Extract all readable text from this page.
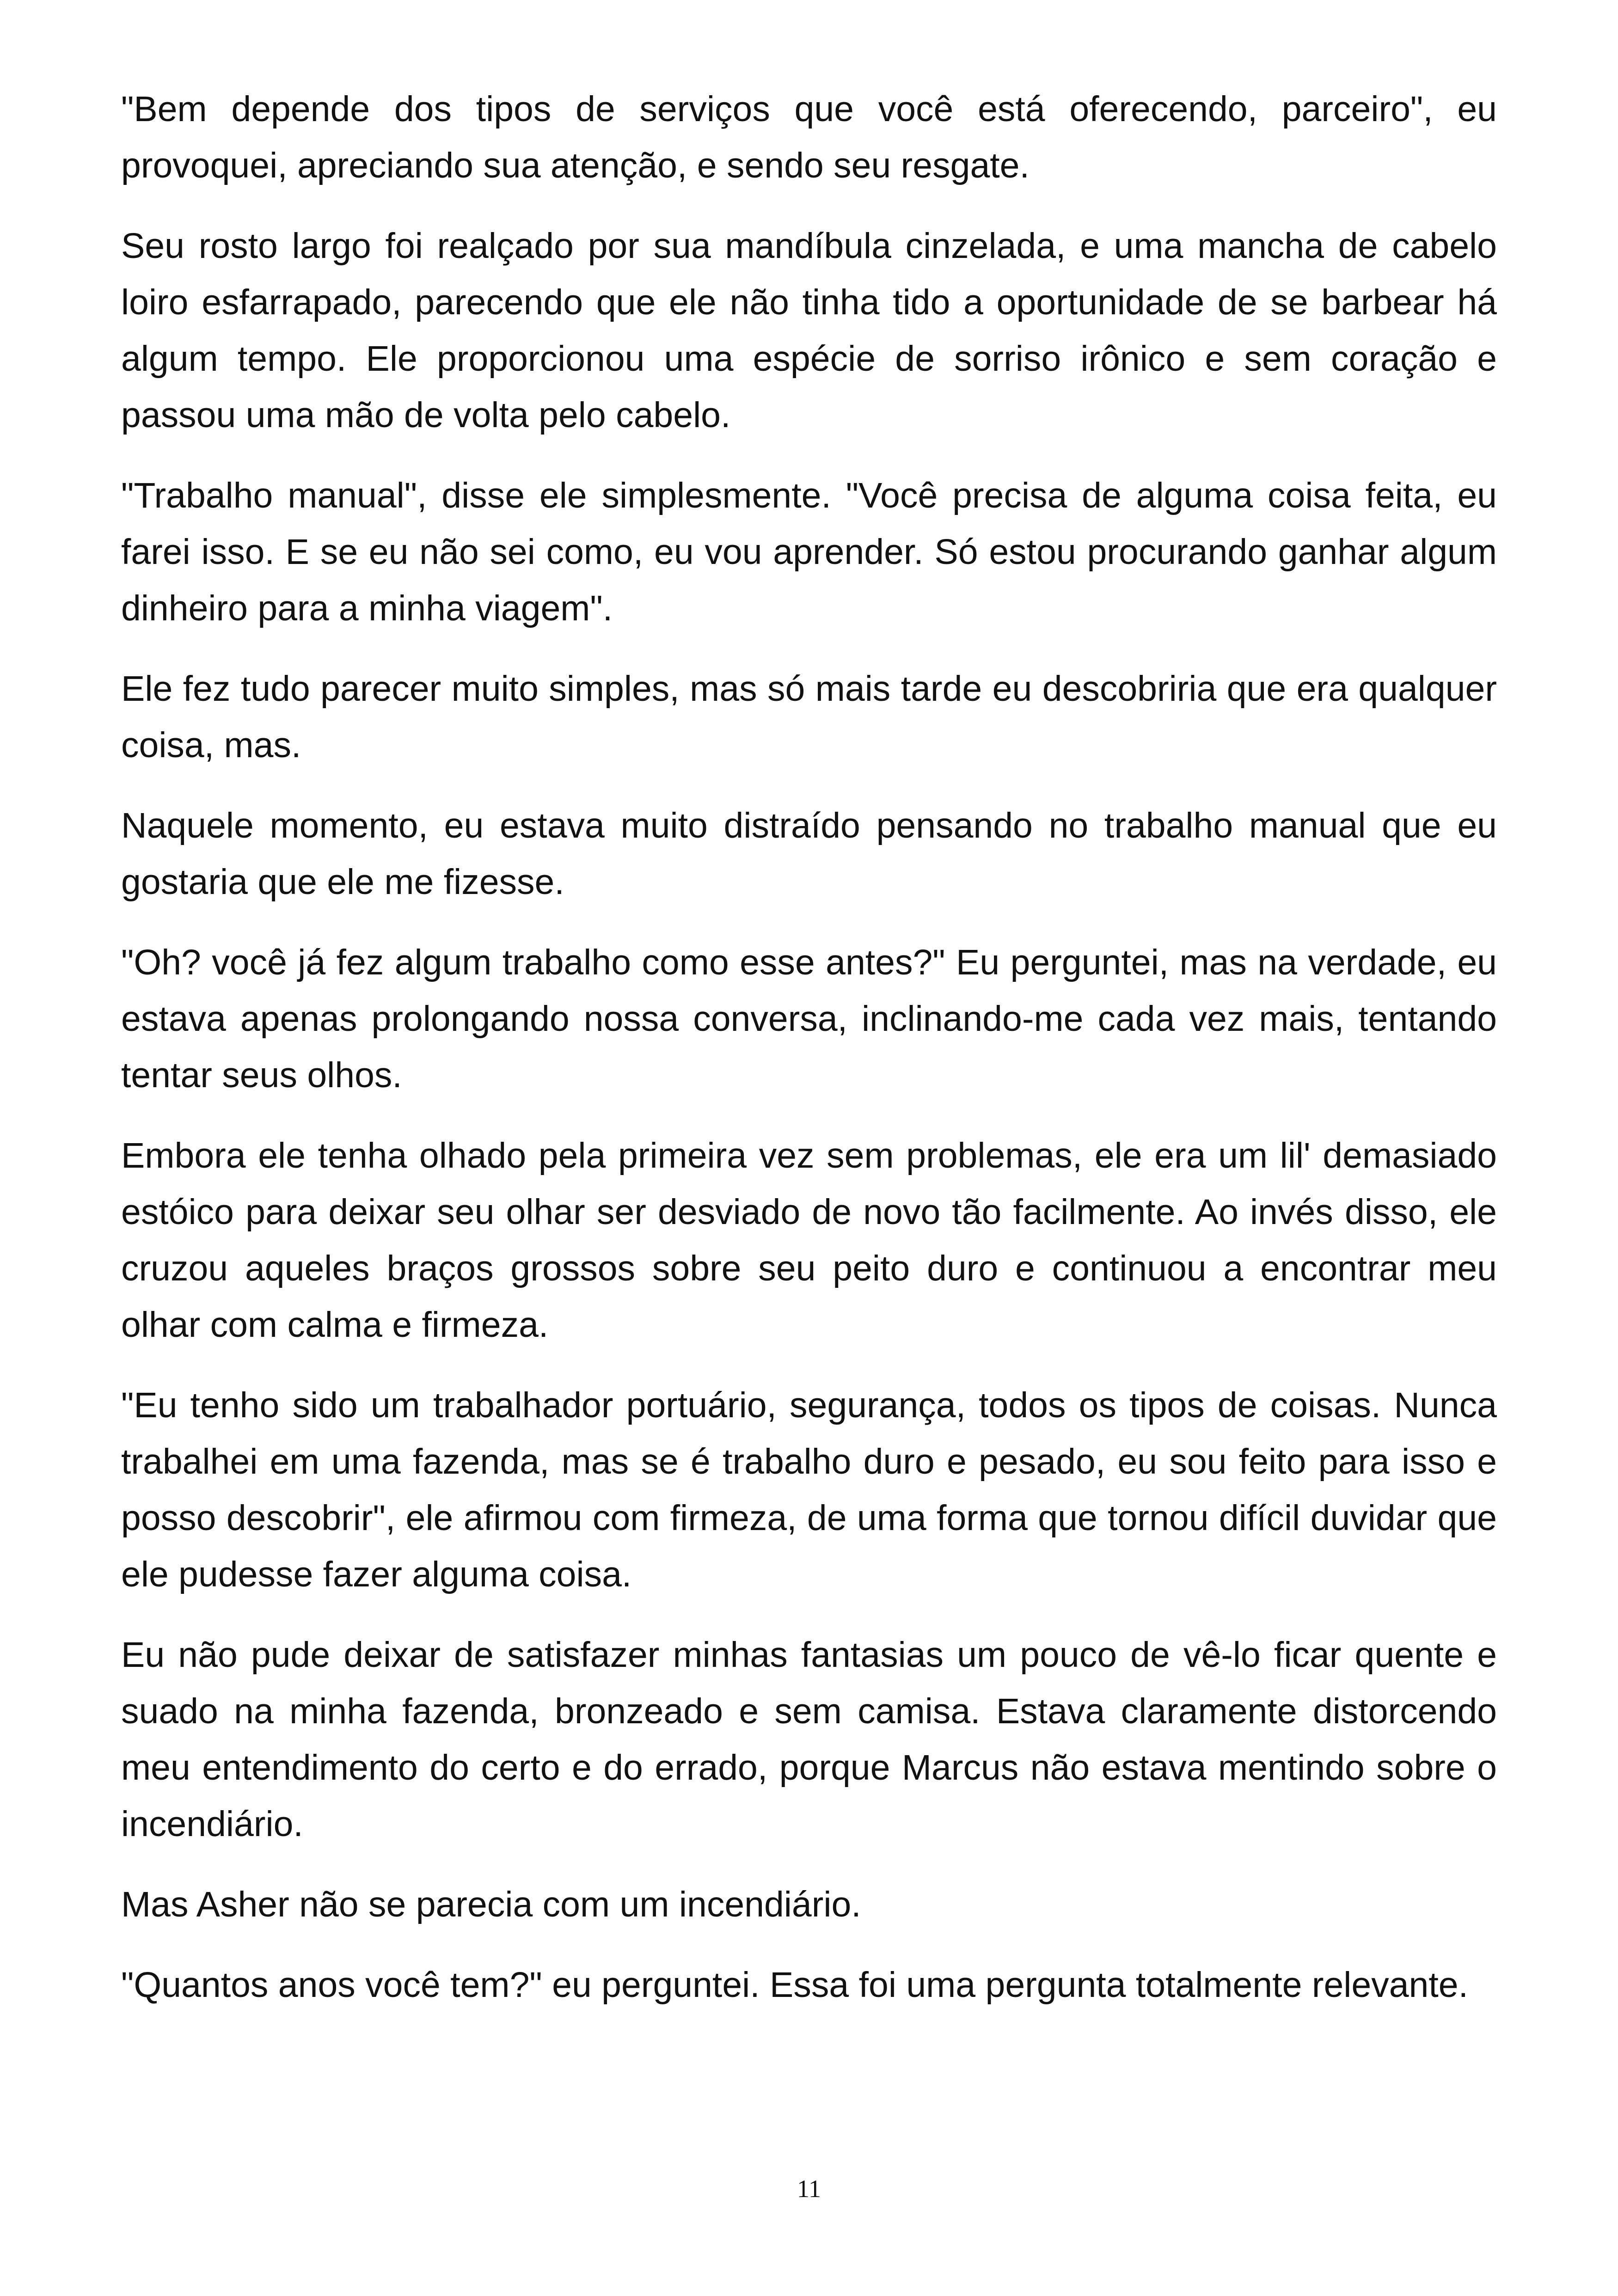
"Bem depende dos tipos de serviços que você está oferecendo, parceiro", eu provoquei, apreciando sua atenção, e sendo seu resgate.

Seu rosto largo foi realçado por sua mandíbula cinzelada, e uma mancha de cabelo loiro esfarrapado, parecendo que ele não tinha tido a oportunidade de se barbear há algum tempo. Ele proporcionou uma espécie de sorriso irônico e sem coração e passou uma mão de volta pelo cabelo.

"Trabalho manual", disse ele simplesmente. "Você precisa de alguma coisa feita, eu farei isso. E se eu não sei como, eu vou aprender. Só estou procurando ganhar algum dinheiro para a minha viagem".

Ele fez tudo parecer muito simples, mas só mais tarde eu descobriria que era qualquer coisa, mas.

Naquele momento, eu estava muito distraído pensando no trabalho manual que eu gostaria que ele me fizesse.

"Oh? você já fez algum trabalho como esse antes?" Eu perguntei, mas na verdade, eu estava apenas prolongando nossa conversa, inclinando-me cada vez mais, tentando tentar seus olhos.

Embora ele tenha olhado pela primeira vez sem problemas, ele era um lil' demasiado estóico para deixar seu olhar ser desviado de novo tão facilmente. Ao invés disso, ele cruzou aqueles braços grossos sobre seu peito duro e continuou a encontrar meu olhar com calma e firmeza.

"Eu tenho sido um trabalhador portuário, segurança, todos os tipos de coisas. Nunca trabalhei em uma fazenda, mas se é trabalho duro e pesado, eu sou feito para isso e posso descobrir", ele afirmou com firmeza, de uma forma que tornou difícil duvidar que ele pudesse fazer alguma coisa.

Eu não pude deixar de satisfazer minhas fantasias um pouco de vê-lo ficar quente e suado na minha fazenda, bronzeado e sem camisa. Estava claramente distorcendo meu entendimento do certo e do errado, porque Marcus não estava mentindo sobre o incendiário.

Mas Asher não se parecia com um incendiário.

"Quantos anos você tem?" eu perguntei. Essa foi uma pergunta totalmente relevante.

11
